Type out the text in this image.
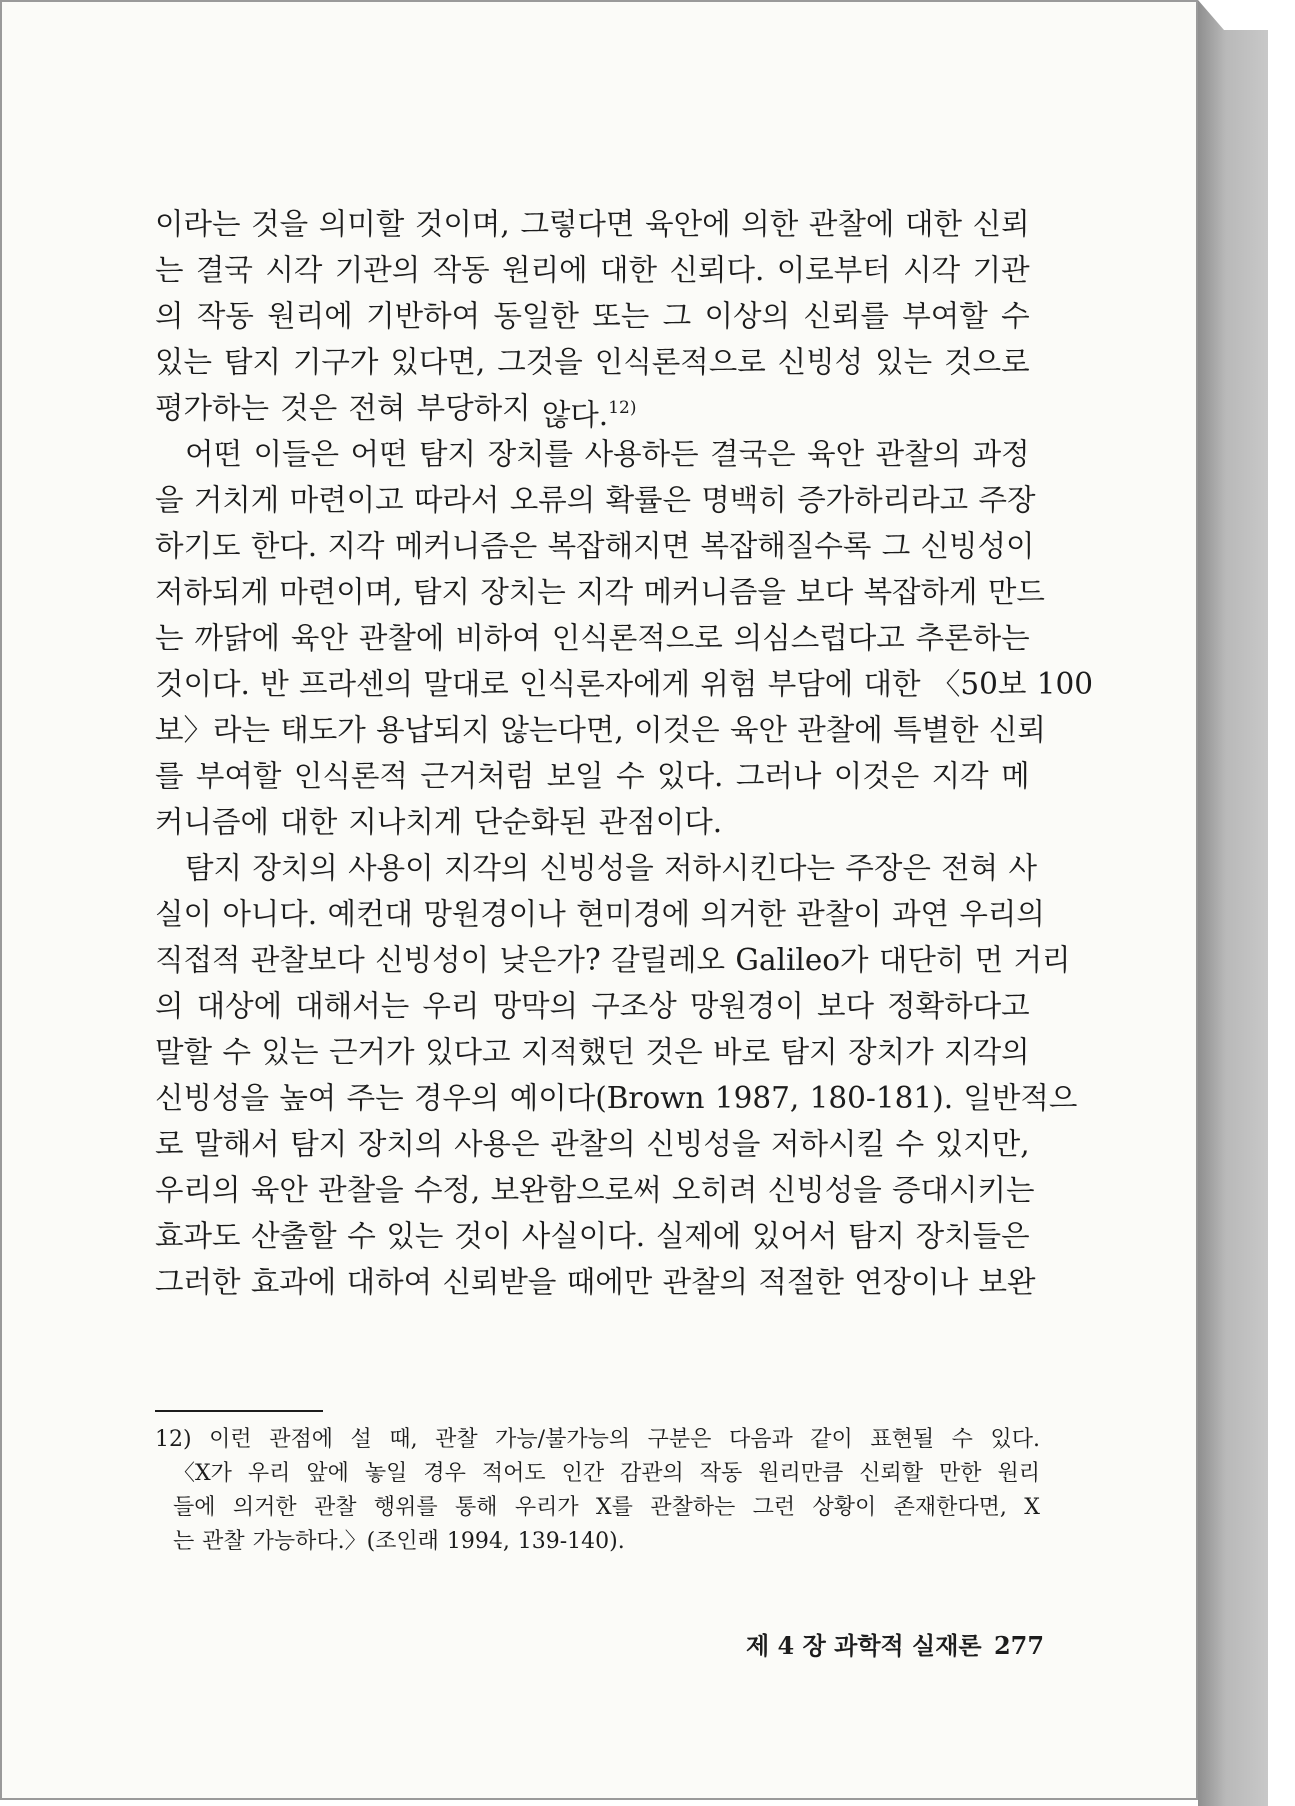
이라는 것을 의미할 것이며, 그렇다면 육안에 의한 관찰에 대한 신뢰
는 결국 시각 기관의 작동 원리에 대한 신뢰다. 이로부터 시각 기관
의 작동 원리에 기반하여 동일한 또는 그 이상의 신뢰를 부여할 수
있는 탐지 기구가 있다면, 그것을 인식론적으로 신빙성 있는 것으로
평가하는 것은 전혀 부당하지 않다.$^{12)}$
어떤 이들은 어떤 탐지 장치를 사용하든 결국은 육안 관찰의 과정
을 거치게 마련이고 따라서 오류의 확률은 명백히 증가하리라고 주장
하기도 한다. 지각 메커니즘은 복잡해지면 복잡해질수록 그 신빙성이
저하되게 마련이며, 탐지 장치는 지각 메커니즘을 보다 복잡하게 만드
는 까닭에 육안 관찰에 비하여 인식론적으로 의심스럽다고 추론하는
것이다. 반 프라센의 말대로 인식론자에게 위험 부담에 대한 〈50보 100
보〉라는 태도가 용납되지 않는다면, 이것은 육안 관찰에 특별한 신뢰
를 부여할 인식론적 근거처럼 보일 수 있다. 그러나 이것은 지각 메
커니즘에 대한 지나치게 단순화된 관점이다.
탐지 장치의 사용이 지각의 신빙성을 저하시킨다는 주장은 전혀 사
실이 아니다. 예컨대 망원경이나 현미경에 의거한 관찰이 과연 우리의
직접적 관찰보다 신빙성이 낮은가? 갈릴레오 Galileo가 대단히 먼 거리
의 대상에 대해서는 우리 망막의 구조상 망원경이 보다 정확하다고
말할 수 있는 근거가 있다고 지적했던 것은 바로 탐지 장치가 지각의
신빙성을 높여 주는 경우의 예이다(Brown 1987, 180-181). 일반적으
로 말해서 탐지 장치의 사용은 관찰의 신빙성을 저하시킬 수 있지만,
우리의 육안 관찰을 수정, 보완함으로써 오히려 신빙성을 증대시키는
효과도 산출할 수 있는 것이 사실이다. 실제에 있어서 탐지 장치들은
그러한 효과에 대하여 신뢰받을 때에만 관찰의 적절한 연장이나 보완
12) 이런 관점에 설 때, 관찰 가능/불가능의 구분은 다음과 같이 표현될 수 있다.
〈X가 우리 앞에 놓일 경우 적어도 인간 감관의 작동 원리만큼 신뢰할 만한 원리
들에 의거한 관찰 행위를 통해 우리가 X를 관찰하는 그런 상황이 존재한다면, X
는 관찰 가능하다.〉(조인래 1994, 139-140).
제 4 장 과학적 실재론 277
